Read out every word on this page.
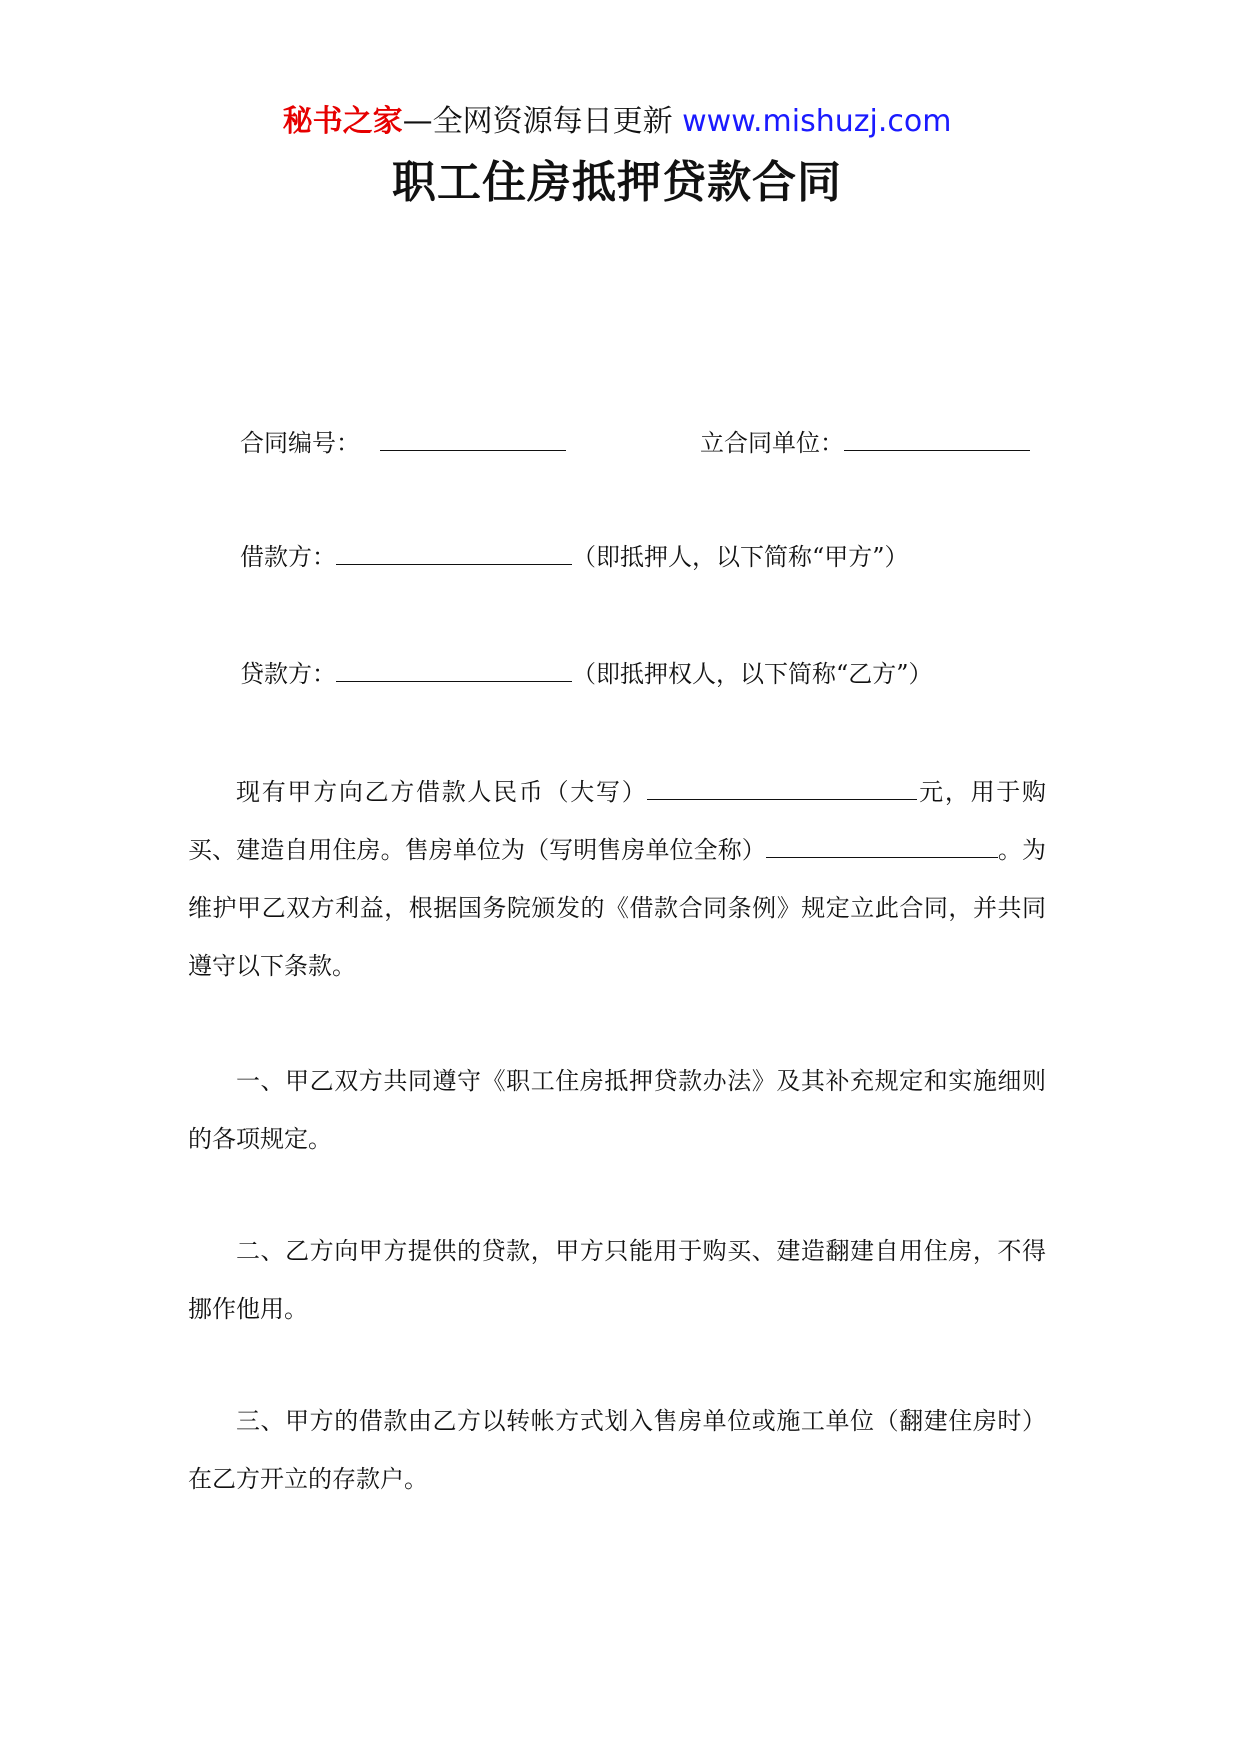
秘书之家—全网资源每日更新 www.mishuzj.com
职工住房抵押贷款合同
合同编号：	立合同单位：
借款方：	（即抵押人，以下简称“甲方”）
贷款方：	（即抵押权人，以下简称“乙方”）
现有甲方向乙方借款人民币（大写）	元，用于购买、建造自用住房。售房单位为（写明售房单位全称）	。为维护甲乙双方利益，根据国务院颁发的《借款合同条例》规定立此合同，并共同遵守以下条款。
一、甲乙双方共同遵守《职工住房抵押贷款办法》及其补充规定和实施细则的各项规定。
二、乙方向甲方提供的贷款，甲方只能用于购买、建造翻建自用住房，不得挪作他用。
三、甲方的借款由乙方以转帐方式划入售房单位或施工单位（翻建住房时）在乙方开立的存款户。
